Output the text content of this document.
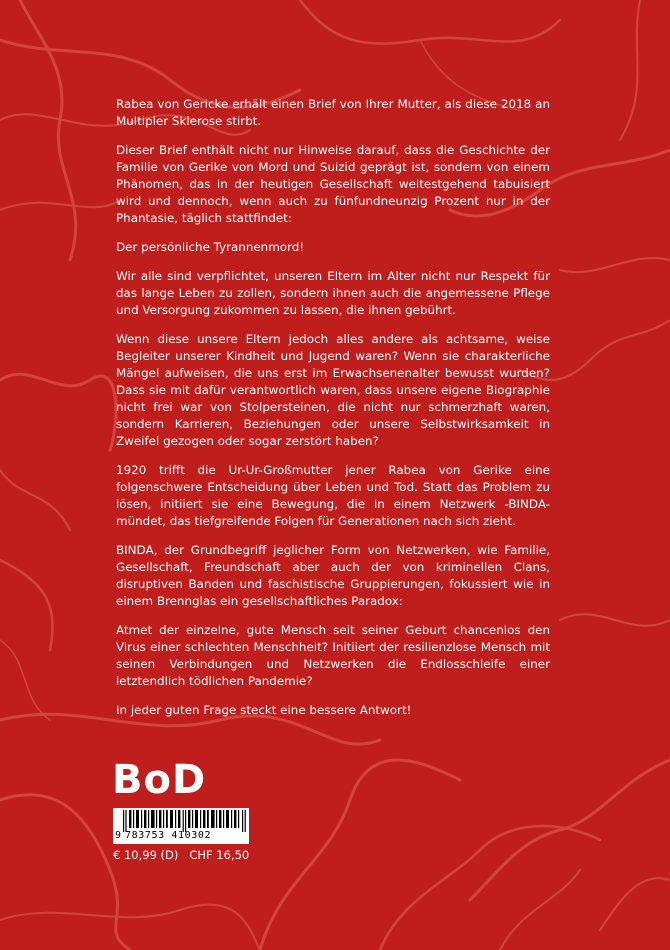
Rabea von Gericke erhält einen Brief von Ihrer Mutter, als diese 2018 an Multipler Sklerose stirbt.

Dieser Brief enthält nicht nur Hinweise darauf, dass die Geschichte der Familie von Gerike von Mord und Suizid geprägt ist, sondern von einem Phänomen, das in der heutigen Gesellschaft weitestgehend tabuisiert wird und dennoch, wenn auch zu fünfundneunzig Prozent nur in der Phantasie, täglich stattfindet:

Der persönliche Tyrannenmord!

Wir alle sind verpflichtet, unseren Eltern im Alter nicht nur Respekt für das lange Leben zu zollen, sondern ihnen auch die angemessene Pflege und Versorgung zukommen zu lassen, die ihnen gebührt.

Wenn diese unsere Eltern jedoch alles andere als achtsame, weise Begleiter unserer Kindheit und Jugend waren? Wenn sie charakterliche Mängel aufweisen, die uns erst im Erwachsenenalter bewusst wurden? Dass sie mit dafür verantwortlich waren, dass unsere eigene Biographie nicht frei war von Stolpersteinen, die nicht nur schmerzhaft waren, sondern Karrieren, Beziehungen oder unsere Selbstwirksamkeit in Zweifel gezogen oder sogar zerstört haben?

1920 trifft die Ur-Ur-Großmutter jener Rabea von Gerike eine folgenschwere Entscheidung über Leben und Tod. Statt das Problem zu lösen, initiiert sie eine Bewegung, die in einem Netzwerk -BINDA- mündet, das tiefgreifende Folgen für Generationen nach sich zieht.

BINDA, der Grundbegriff jeglicher Form von Netzwerken, wie Familie, Gesellschaft, Freundschaft aber auch der von kriminellen Clans, disruptiven Banden und faschistische Gruppierungen, fokussiert wie in einem Brennglas ein gesellschaftliches Paradox:

Atmet der einzelne, gute Mensch seit seiner Geburt chancenlos den Virus einer schlechten Menschheit? Initiiert der resilienzlose Mensch mit seinen Verbindungen und Netzwerken die Endlosschleife einer letztendlich tödlichen Pandemie?

In jeder guten Frage steckt eine bessere Antwort!

BoD
9 783753 410302
€ 10,99 (D)   CHF 16,50
